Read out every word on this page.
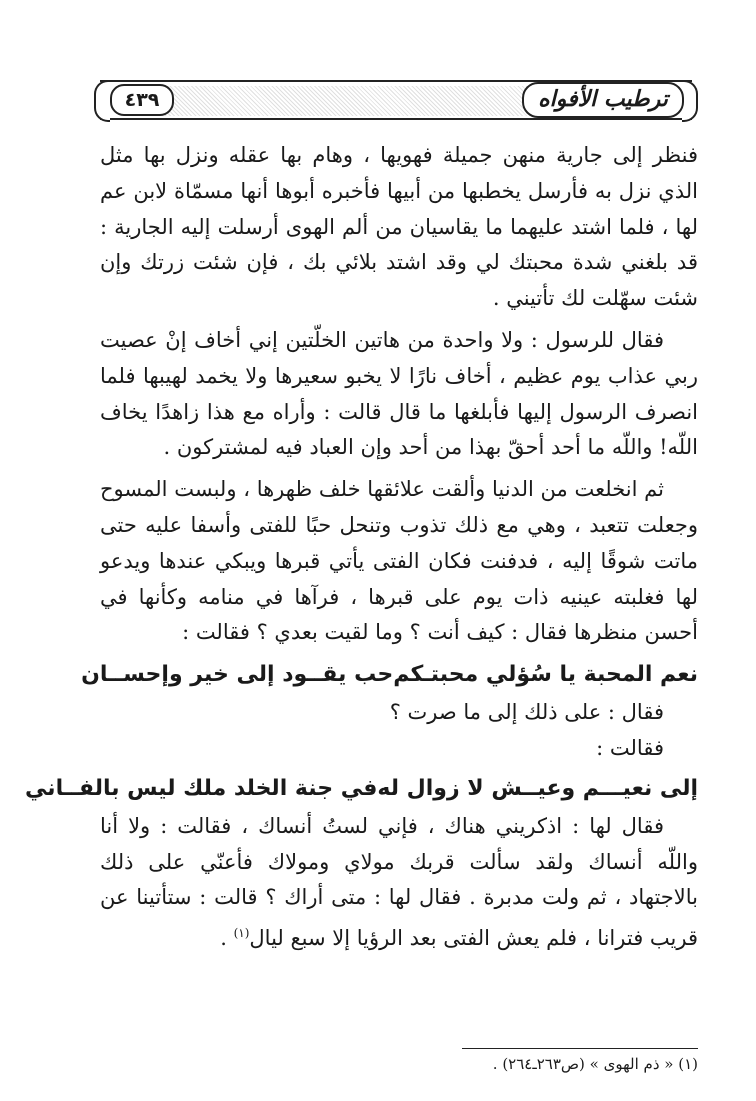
٤٣٩	ترطيب الأفواه

فنظر إلى جارية منهن جميلة فهويها ، وهام بها عقله ونزل بها مثل الذي نزل به فأرسل يخطبها من أبيها فأخبره أبوها أنها مسمّاة لابن عم لها ، فلما اشتد عليهما ما يقاسيان من ألم الهوى أرسلت إليه الجارية : قد بلغني شدة محبتك لي وقد اشتد بلائي بك ، فإن شئت زرتك وإن شئت سهّلت لك تأتيني .

فقال للرسول : ولا واحدة من هاتين الخلّتين إني أخاف إنْ عصيت ربي عذاب يوم عظيم ، أخاف نارًا لا يخبو سعيرها ولا يخمد لهيبها فلما انصرف الرسول إليها فأبلغها ما قال قالت : وأراه مع هذا زاهدًا يخاف اللّه! واللّه ما أحد أحقّ بهذا من أحد وإن العباد فيه لمشتركون .

ثم انخلعت من الدنيا وألقت علائقها خلف ظهرها ، ولبست المسوح وجعلت تتعبد ، وهي مع ذلك تذوب وتنحل حبًا للفتى وأسفا عليه حتى ماتت شوقًا إليه ، فدفنت فكان الفتى يأتي قبرها ويبكي عندها ويدعو لها فغلبته عينيه ذات يوم على قبرها ، فرآها في منامه وكأنها في أحسن منظرها فقال : كيف أنت ؟ وما لقيت بعدي ؟ فقالت :

نعم المحبة يا سُؤلي محبتـكم
حب يقــود إلى خير وإحســان

فقال : على ذلك إلى ما صرت ؟

فقالت :

إلى نعيـــم وعيــش لا زوال له
في جنة الخلد ملك ليس بالفــاني

فقال لها : اذكريني هناك ، فإني لستُ أنساك ، فقالت : ولا أنا واللّه أنساك ولقد سألت قربك مولاي ومولاك فأعنّي على ذلك بالاجتهاد ، ثم ولت مدبرة . فقال لها : متى أراك ؟ قالت : ستأتينا عن قريب فترانا ، فلم يعش الفتى بعد الرؤيا إلا سبع ليال$^{(١)}$ .

(١) « ذم الهوى » (ص٢٦٣ـ٢٦٤) .
